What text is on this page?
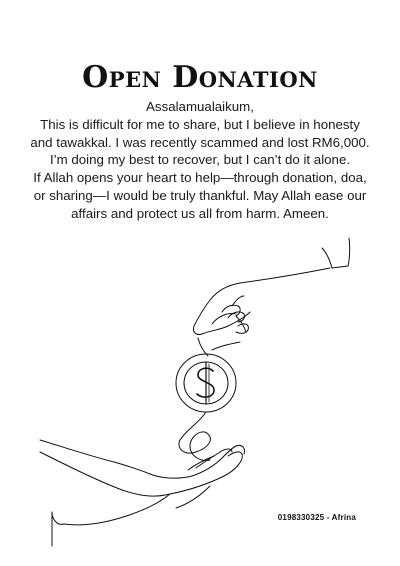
Open Donation

Assalamualaikum,

This is difficult for me to share, but I believe in honesty and tawakkal. I was recently scammed and lost RM6,000. I’m doing my best to recover, but I can’t do it alone.

If Allah opens your heart to help—through donation, doa, or sharing—I would be truly thankful. May Allah ease our affairs and protect us all from harm. Ameen.

0198330325 - Afrina
